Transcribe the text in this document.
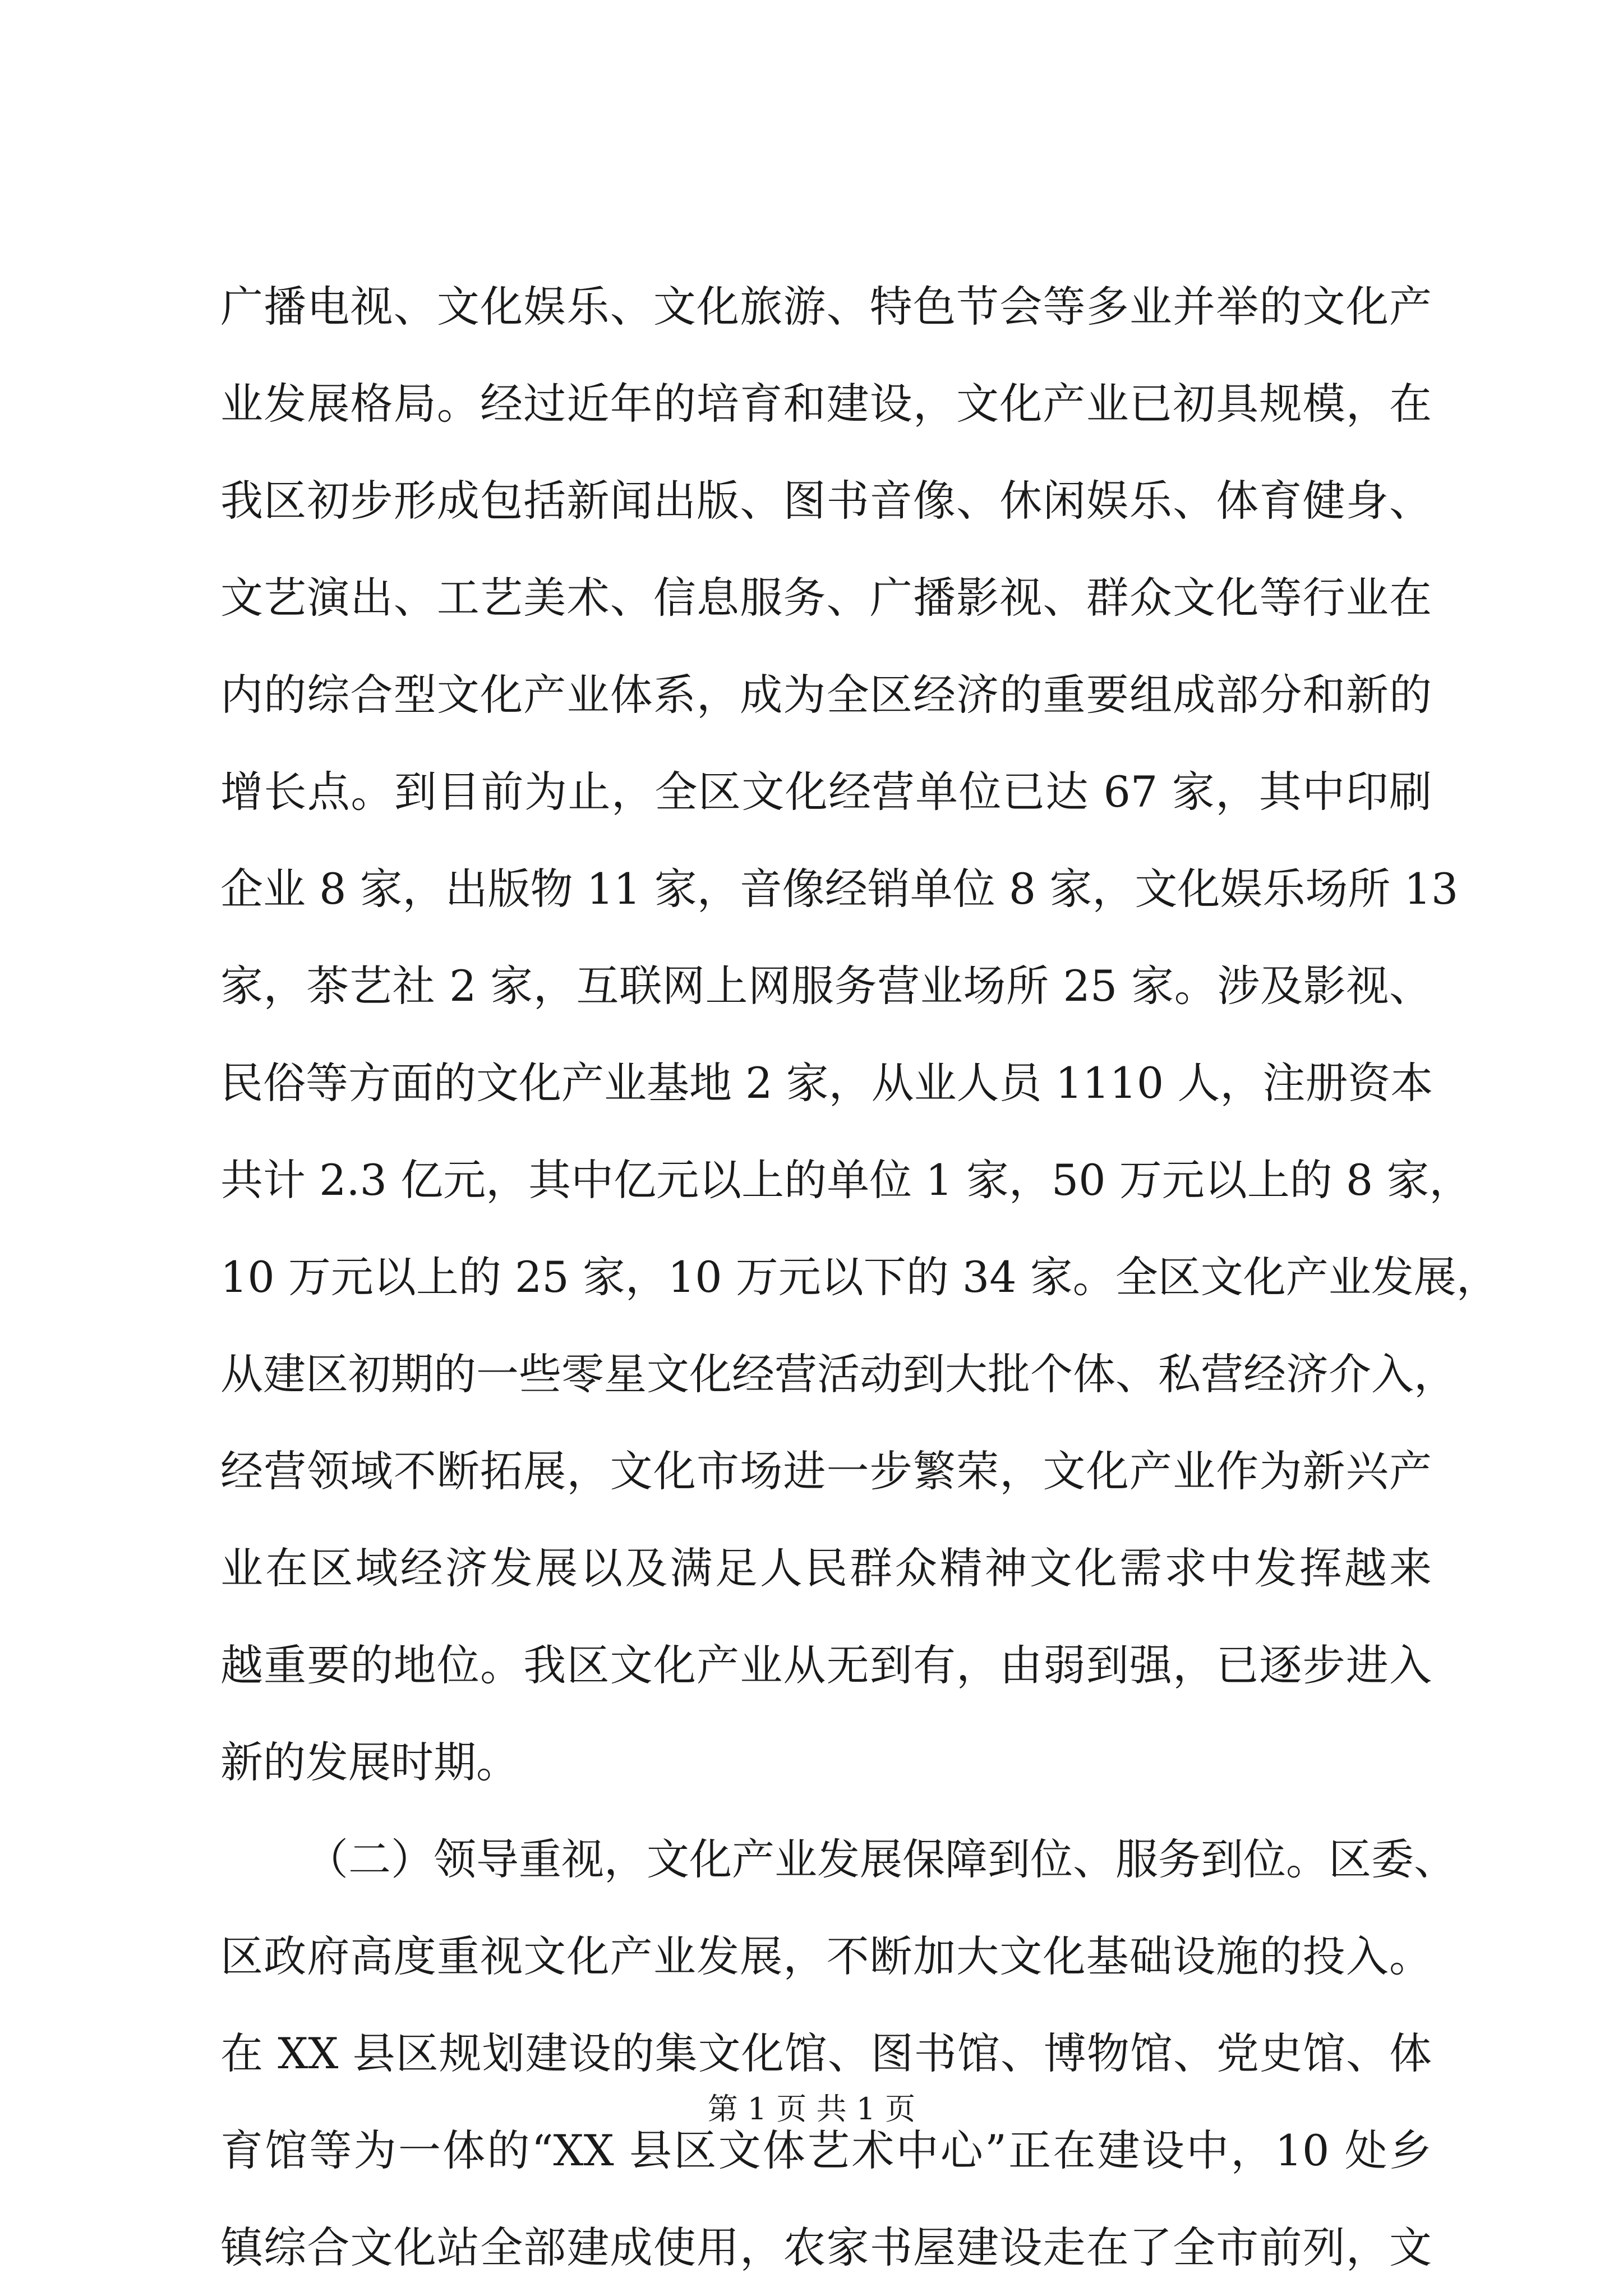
广播电视、文化娱乐、文化旅游、特色节会等多业并举的文化产
业发展格局。经过近年的培育和建设，文化产业已初具规模，在
我区初步形成包括新闻出版、图书音像、休闲娱乐、体育健身、
文艺演出、工艺美术、信息服务、广播影视、群众文化等行业在
内的综合型文化产业体系，成为全区经济的重要组成部分和新的
增长点。到目前为止，全区文化经营单位已达 67 家，其中印刷
企业 8 家，出版物 11 家，音像经销单位 8 家，文化娱乐场所 13
家，茶艺社 2 家，互联网上网服务营业场所 25 家。涉及影视、
民俗等方面的文化产业基地 2 家，从业人员 1110 人，注册资本
共计 2.3 亿元，其中亿元以上的单位 1 家，50 万元以上的 8 家，
10 万元以上的 25 家，10 万元以下的 34 家。全区文化产业发展，
从建区初期的一些零星文化经营活动到大批个体、私营经济介入，
经营领域不断拓展，文化市场进一步繁荣，文化产业作为新兴产
业在区域经济发展以及满足人民群众精神文化需求中发挥越来
越重要的地位。我区文化产业从无到有，由弱到强，已逐步进入
新的发展时期。
（二）领导重视，文化产业发展保障到位、服务到位。区委、
区政府高度重视文化产业发展，不断加大文化基础设施的投入。
在 XX 县区规划建设的集文化馆、图书馆、博物馆、党史馆、体
育馆等为一体的“XX 县区文体艺术中心”正在建设中，10 处乡
镇综合文化站全部建成使用，农家书屋建设走在了全市前列，文
第 1 页 共 1 页
